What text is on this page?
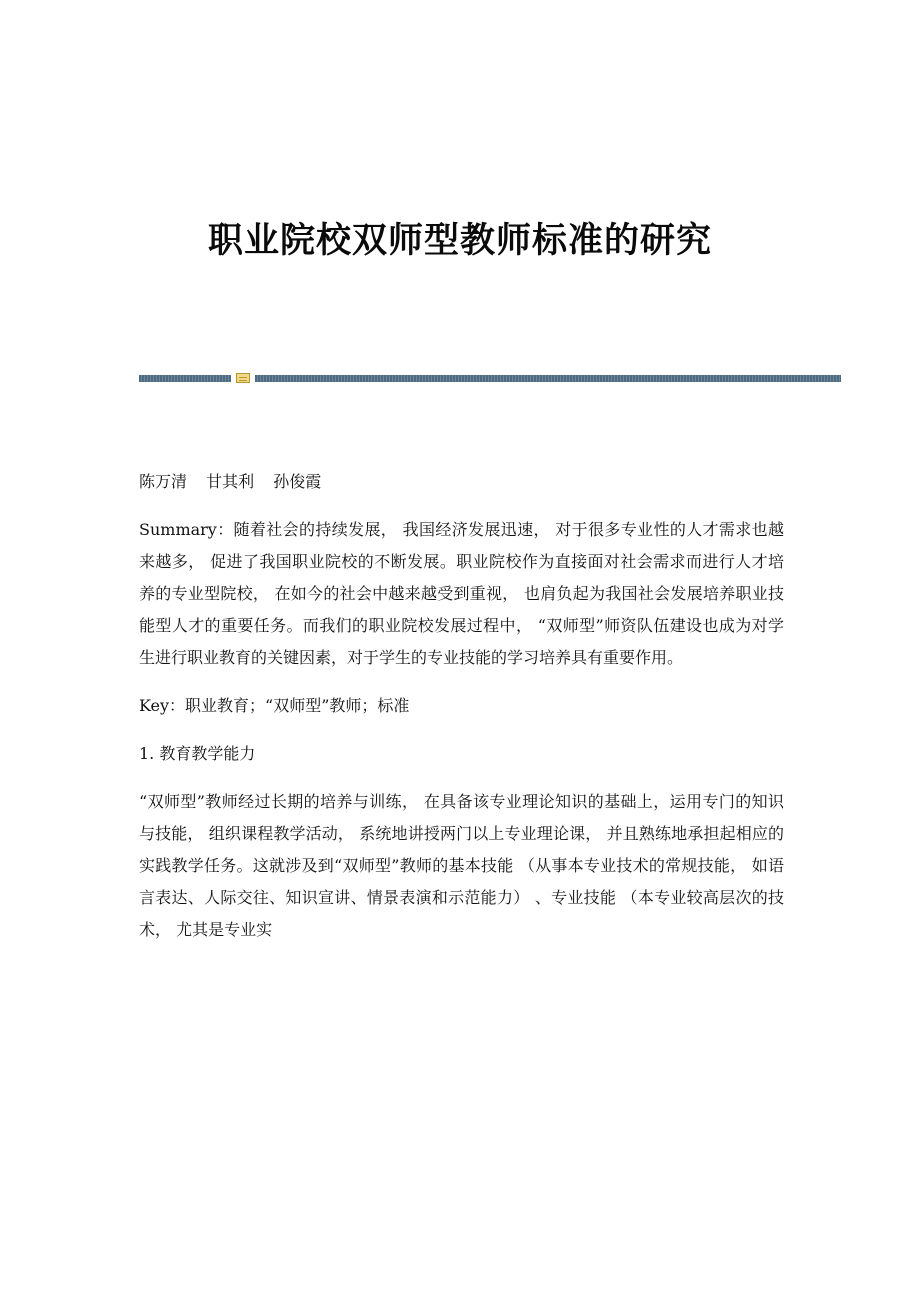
职业院校双师型教师标准的研究

陈万清 甘其利 孙俊霞

Summary：随着社会的持续发展， 我国经济发展迅速， 对于很多专业性的人才需求也越来越多， 促进了我国职业院校的不断发展。职业院校作为直接面对社会需求而进行人才培养的专业型院校， 在如今的社会中越来越受到重视， 也肩负起为我国社会发展培养职业技能型人才的重要任务。而我们的职业院校发展过程中， “双师型”师资队伍建设也成为对学生进行职业教育的关键因素，对于学生的专业技能的学习培养具有重要作用。

Key：职业教育；“双师型”教师；标准

1. 教育教学能力

“双师型”教师经过长期的培养与训练， 在具备该专业理论知识的基础上，运用专门的知识与技能， 组织课程教学活动， 系统地讲授两门以上专业理论课， 并且熟练地承担起相应的实践教学任务。这就涉及到“双师型”教师的基本技能 （从事本专业技术的常规技能， 如语言表达、人际交往、知识宣讲、情景表演和示范能力） 、专业技能 （本专业较高层次的技术， 尤其是专业实
